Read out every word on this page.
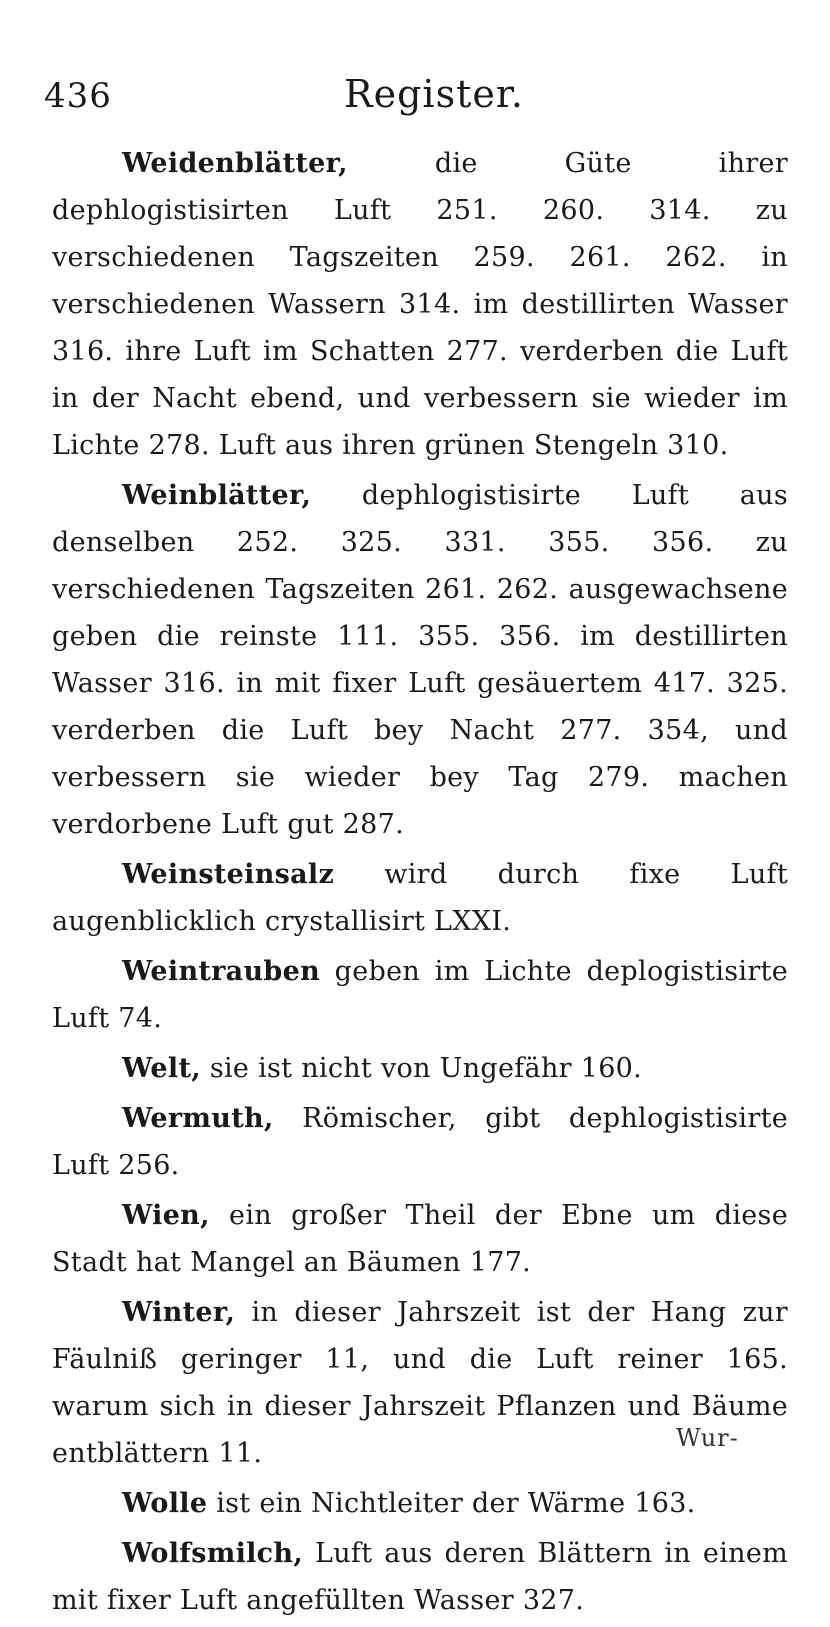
436	Register.

Weidenblätter, die Güte ihrer dephlogistisirten Luft 251. 260. 314. zu verschiedenen Tagszeiten 259. 261. 262. in verschiedenen Wassern 314. im destillirten Wasser 316. ihre Luft im Schatten 277. verderben die Luft in der Nacht ebend, und verbessern sie wieder im Lichte 278. Luft aus ihren grünen Stengeln 310.

Weinblätter, dephlogistisirte Luft aus denselben 252. 325. 331. 355. 356. zu verschiedenen Tagszeiten 261. 262. ausgewachsene geben die reinste 111. 355. 356. im destillirten Wasser 316. in mit fixer Luft gesäuertem 417. 325. verderben die Luft bey Nacht 277. 354, und verbessern sie wieder bey Tag 279. machen verdorbene Luft gut 287.

Weinsteinsalz wird durch fixe Luft augenblicklich crystallisirt LXXI.

Weintrauben geben im Lichte deplogistisirte Luft 74.

Welt, sie ist nicht von Ungefähr 160.

Wermuth, Römischer, gibt dephlogistisirte Luft 256.

Wien, ein großer Theil der Ebne um diese Stadt hat Mangel an Bäumen 177.

Winter, in dieser Jahrszeit ist der Hang zur Fäulniß geringer 11, und die Luft reiner 165. warum sich in dieser Jahrszeit Pflanzen und Bäume entblättern 11.

Wolle ist ein Nichtleiter der Wärme 163.

Wolfsmilch, Luft aus deren Blättern in einem mit fixer Luft angefüllten Wasser 327.

Wur-
